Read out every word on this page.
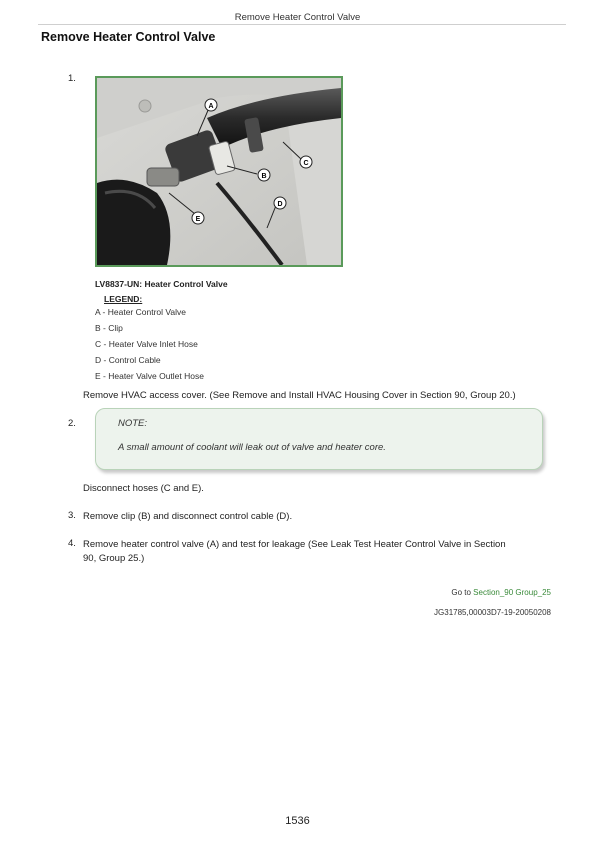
Remove Heater Control Valve
Remove Heater Control Valve
1.
A
B
C
D
E
LV8837-UN: Heater Control Valve
LEGEND:
A - Heater Control Valve
B - Clip
C - Heater Valve Inlet Hose
D - Control Cable
E - Heater Valve Outlet Hose
Remove HVAC access cover. (See Remove and Install HVAC Housing Cover in Section 90, Group 20.)
2.	NOTE:
A small amount of coolant will leak out of valve and heater core.
Disconnect hoses (C and E).
3. Remove clip (B) and disconnect control cable (D).
4. Remove heater control valve (A) and test for leakage (See Leak Test Heater Control Valve in Section
90, Group 25.)
Go to Section_90 Group_25
JG31785,00003D7-19-20050208
1536
